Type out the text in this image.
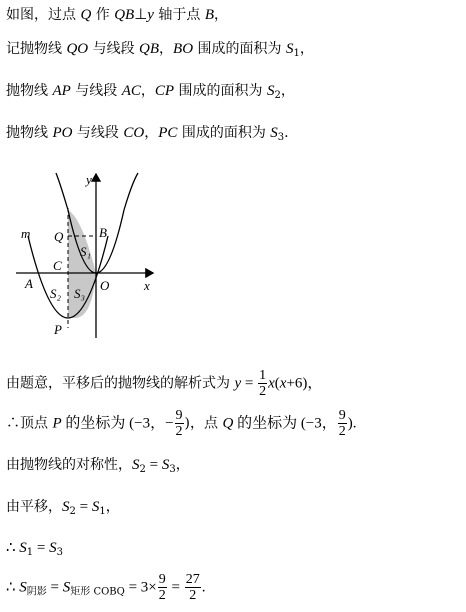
如图，过点 Q 作 QB⊥y 轴于点 B，
记抛物线 QO 与线段 QB，BO 围成的面积为 $S_1$，
抛物线 AP 与线段 AC，CP 围成的面积为 $S_2$，
抛物线 PO 与线段 CO，PC 围成的面积为 $S_3$.
y
x
m Q	B
S₁
C
A	O
S₂ S₃
P
由题意，平移后的抛物线的解析式为 $y = \frac{1}{2} x(x+6)$，
∴顶点 P 的坐标为 (−3，− $\frac{9}{2}$ )，点 Q 的坐标为 (−3， $\frac{9}{2}$ ).
由抛物线的对称性，$S_2 = S_3$，
由平移，$S_2 = S_1$，
∴ $S_1 = S_3$
∴ $S_{阴影} = S_{矩形 COBQ} = 3\times \frac{9}{2} = \frac{27}{2}$ .
